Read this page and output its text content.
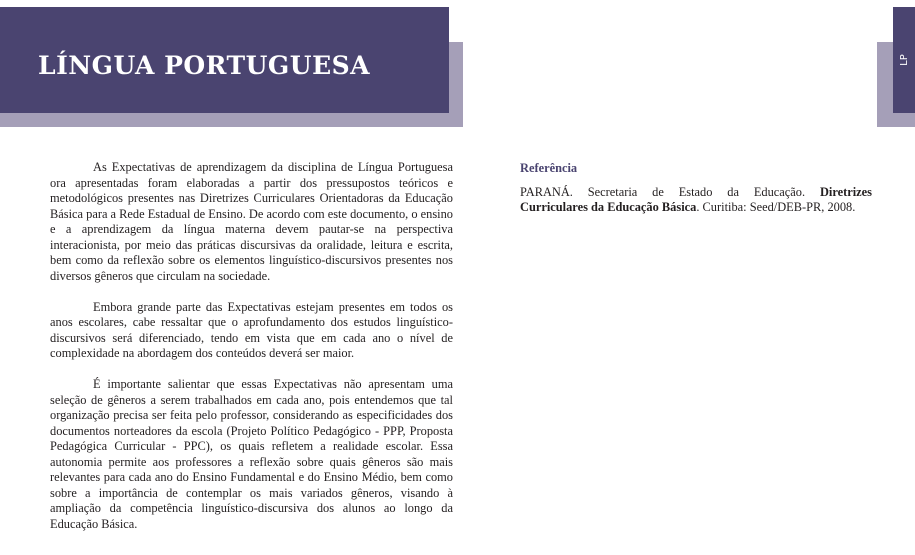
LÍNGUA PORTUGUESA	LP

As Expectativas de aprendizagem da disciplina de Língua Portuguesa ora apresentadas foram elaboradas a partir dos pressupostos teóricos e metodológicos presentes nas Diretrizes Curriculares Orientadoras da Educação Básica para a Rede Estadual de Ensino. De acordo com este documento, o ensino e a aprendizagem da língua materna devem pautar-se na perspectiva interacionista, por meio das práticas discursivas da oralidade, leitura e escrita, bem como da reflexão sobre os elementos linguístico-discursivos presentes nos diversos gêneros que circulam na sociedade.

Embora grande parte das Expectativas estejam presentes em todos os anos escolares, cabe ressaltar que o aprofundamento dos estudos linguístico-discursivos será diferenciado, tendo em vista que em cada ano o nível de complexidade na abordagem dos conteúdos deverá ser maior.

É importante salientar que essas Expectativas não apresentam uma seleção de gêneros a serem trabalhados em cada ano, pois entendemos que tal organização precisa ser feita pelo professor, considerando as especificidades dos documentos norteadores da escola (Projeto Político Pedagógico - PPP, Proposta Pedagógica Curricular - PPC), os quais refletem a realidade escolar. Essa autonomia permite aos professores a reflexão sobre quais gêneros são mais relevantes para cada ano do Ensino Fundamental e do Ensino Médio, bem como sobre a importância de contemplar os mais variados gêneros, visando à ampliação da competência linguístico-discursiva dos alunos ao longo da Educação Básica.

Referência
PARANÁ. Secretaria de Estado da Educação. Diretrizes Curriculares da Educação Básica. Curitiba: Seed/DEB-PR, 2008.
